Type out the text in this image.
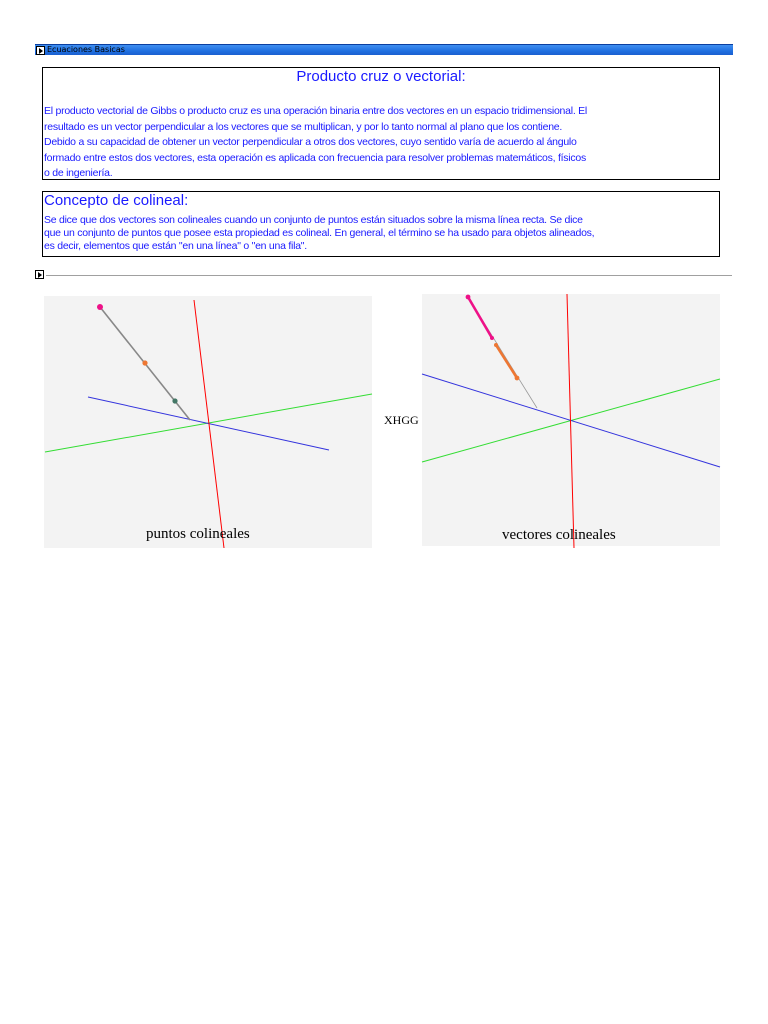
Ecuaciones Basicas
Producto cruz o vectorial:
El producto vectorial de Gibbs o producto cruz es una operación binaria entre dos vectores en un espacio tridimensional. El
resultado es un vector perpendicular a los vectores que se multiplican, y por lo tanto normal al plano que los contiene.
Debido a su capacidad de obtener un vector perpendicular a otros dos vectores, cuyo sentido varía de acuerdo al ángulo
formado entre estos dos vectores, esta operación es aplicada con frecuencia para resolver problemas matemáticos, físicos
o de ingeniería.
Concepto de colineal:
Se dice que dos vectores son colineales cuando un conjunto de puntos están situados sobre la misma línea recta. Se dice
que un conjunto de puntos que posee esta propiedad es colineal. En general, el término se ha usado para objetos alineados,
es decir, elementos que están "en una línea" o "en una fila".
puntos colineales
XHGG
vectores colineales
